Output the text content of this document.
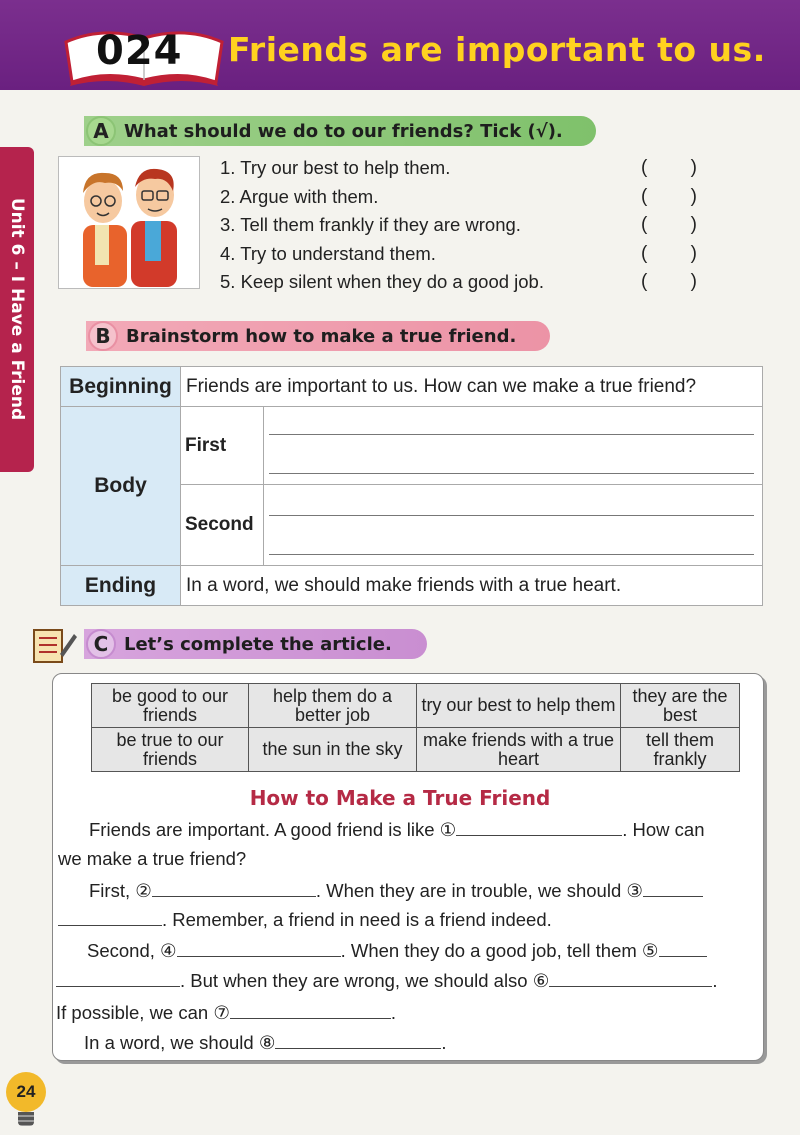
024 Friends are important to us.
Unit 6 – I Have a Friend
A What should we do to our friends? Tick (√).
1. Try our best to help them.	( )
2. Argue with them.	( )
3. Tell them frankly if they are wrong.	( )
4. Try to understand them.	( )
5. Keep silent when they do a good job.	( )
B Brainstorm how to make a true friend.
Beginning	Friends are important to us. How can we make a true friend?	
Body	First	

	Second	

Ending	In a word, we should make friends with a true heart.	
C Let’s complete the article.
be good to our friends	help them do a better job	try our best to help them	they are the best
be true to our friends	the sun in the sky	make friends with a true heart	tell them frankly
How to Make a True Friend
Friends are important. A good friend is like ①	. How can
we make a true friend?
First, ②	. When they are in trouble, we should ③
. Remember, a friend in need is a friend indeed.
Second, ④	. When they do a good job, tell them ⑤
. But when they are wrong, we should also ⑥	.
If possible, we can ⑦	.
In a word, we should ⑧	.
24
